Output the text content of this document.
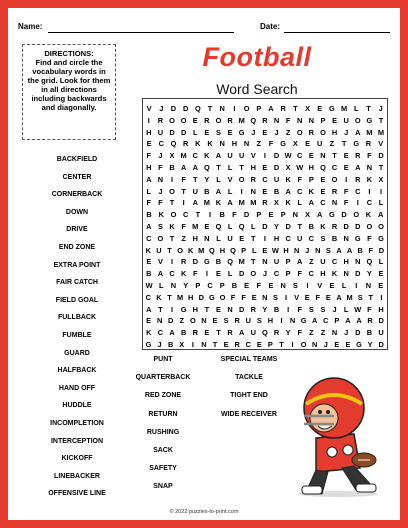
Name:	Date:
DIRECTIONS:
Find and circle the vocabulary words in the grid. Look for them in all directions including backwards and diagonally.
Football
Word Search
V	J	D D Q T N	I	O P A R T	X E G M L	T	J
I	R O O E R O R M Q R N F N N P E U O G T
H U D D L E S E G J E J Z O R O H J A M M
E C Q R K K N H N Z	F G X E U Z	T G R V
F J X M C K A U U V	I	D W C E N T E R F D
H F B A A Q T L T H E D X W H Q C E A N T
A N	I	F T Y L V O R C U K F P E O	I	R K X
L J O T U B A L	I	N E B A C K E R F C	I	I
F F T	I	A M K A M M R X K L A C N F	I	C L
B K O C T	I	B F D P E P N X A G D O K A
A S K F M E Q L Q L D Y D T B K R D D O O
C O T Z H N L U E T	I	H C U C S B N G F G
K U T O K M Q H Q P L E W H N J N S A A B F D
E V	I	R D G B Q M T N U P A Z U C H N Q L
B A C K F	I	E L D O J C P F C H K N D Y E
W L N Y P C P B E	F	E N S	I	V E	L	I	N E
C K T M H D G O F F E N S I V E F E A M S T I
A T	I	G H T E N D R Y B	I	F S S J L W F H
E N D Z O N E S R U S H I N G A C P A A R D
K C A B R E T R A U Q R Y F Z Z N J D B U
G J B X	I N T E R C E P T	I O N J E E G Y D
BACKFIELD
CENTER
CORNERBACK
DOWN
DRIVE
END ZONE
EXTRA POINT
FAIR CATCH
FIELD GOAL
FULLBACK
FUMBLE
GUARD
HALFBACK
HAND OFF
HUDDLE
INCOMPLETION
INTERCEPTION
KICKOFF
LINEBACKER
OFFENSIVE LINE
PUNT
QUARTERBACK
RED ZONE
RETURN
RUSHING
SACK
SAFETY
SNAP
SPECIAL TEAMS
TACKLE
TIGHT END
WIDE RECEIVER
© 2022 puzzles-to-print.com
